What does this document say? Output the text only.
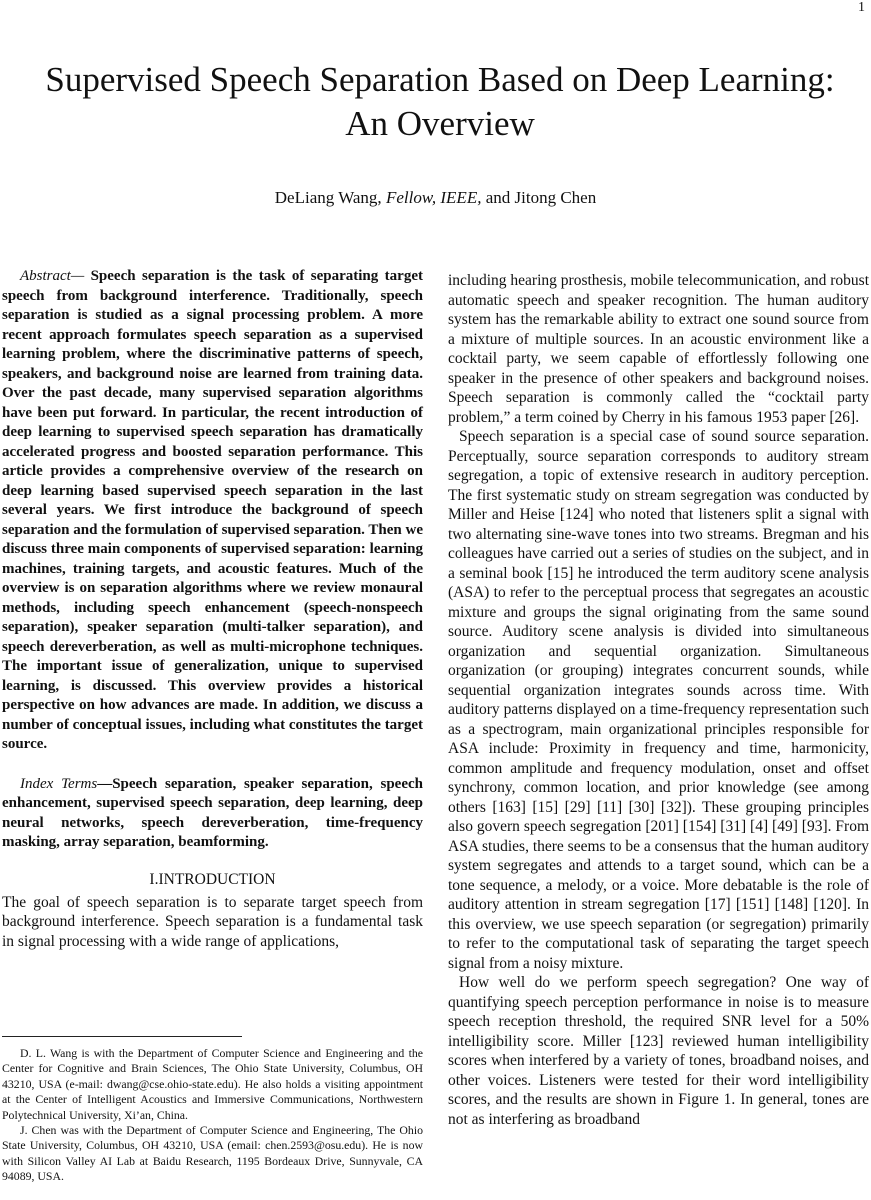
1
Supervised Speech Separation Based on Deep Learning: An Overview
DeLiang Wang, Fellow, IEEE, and Jitong Chen

Abstract— Speech separation is the task of separating target speech from background interference. Traditionally, speech separation is studied as a signal processing problem. A more recent approach formulates speech separation as a supervised learning problem, where the discriminative patterns of speech, speakers, and background noise are learned from training data. Over the past decade, many supervised separation algorithms have been put forward. In particular, the recent introduction of deep learning to supervised speech separation has dramatically accelerated progress and boosted separation performance. This article provides a comprehensive overview of the research on deep learning based supervised speech separation in the last several years. We first introduce the background of speech separation and the formulation of supervised separation. Then we discuss three main components of supervised separation: learning machines, training targets, and acoustic features. Much of the overview is on separation algorithms where we review monaural methods, including speech enhancement (speech-nonspeech separation), speaker separation (multi-talker separation), and speech dereverberation, as well as multi-microphone techniques. The important issue of generalization, unique to supervised learning, is discussed. This overview provides a historical perspective on how advances are made. In addition, we discuss a number of conceptual issues, including what constitutes the target source.

Index Terms—Speech separation, speaker separation, speech enhancement, supervised speech separation, deep learning, deep neural networks, speech dereverberation, time-frequency masking, array separation, beamforming.

I.INTRODUCTION

The goal of speech separation is to separate target speech from background interference. Speech separation is a fundamental task in signal processing with a wide range of applications,

including hearing prosthesis, mobile telecommunication, and robust automatic speech and speaker recognition. The human auditory system has the remarkable ability to extract one sound source from a mixture of multiple sources. In an acoustic environment like a cocktail party, we seem capable of effortlessly following one speaker in the presence of other speakers and background noises. Speech separation is commonly called the “cocktail party problem,” a term coined by Cherry in his famous 1953 paper [26].

Speech separation is a special case of sound source separation. Perceptually, source separation corresponds to auditory stream segregation, a topic of extensive research in auditory perception. The first systematic study on stream segregation was conducted by Miller and Heise [124] who noted that listeners split a signal with two alternating sine-wave tones into two streams. Bregman and his colleagues have carried out a series of studies on the subject, and in a seminal book [15] he introduced the term auditory scene analysis (ASA) to refer to the perceptual process that segregates an acoustic mixture and groups the signal originating from the same sound source. Auditory scene analysis is divided into simultaneous organization and sequential organization. Simultaneous organization (or grouping) integrates concurrent sounds, while sequential organization integrates sounds across time. With auditory patterns displayed on a time-frequency representation such as a spectrogram, main organizational principles responsible for ASA include: Proximity in frequency and time, harmonicity, common amplitude and frequency modulation, onset and offset synchrony, common location, and prior knowledge (see among others [163] [15] [29] [11] [30] [32]). These grouping principles also govern speech segregation [201] [154] [31] [4] [49] [93]. From ASA studies, there seems to be a consensus that the human auditory system segregates and attends to a target sound, which can be a tone sequence, a melody, or a voice. More debatable is the role of auditory attention in stream segregation [17] [151] [148] [120]. In this overview, we use speech separation (or segregation) primarily to refer to the computational task of separating the target speech signal from a noisy mixture.

How well do we perform speech segregation? One way of quantifying speech perception performance in noise is to measure speech reception threshold, the required SNR level for a 50% intelligibility score. Miller [123] reviewed human intelligibility scores when interfered by a variety of tones, broadband noises, and other voices. Listeners were tested for their word intelligibility scores, and the results are shown in Figure 1. In general, tones are not as interfering as broadband

D. L. Wang is with the Department of Computer Science and Engineering and the Center for Cognitive and Brain Sciences, The Ohio State University, Columbus, OH 43210, USA (e-mail: dwang@cse.ohio-state.edu). He also holds a visiting appointment at the Center of Intelligent Acoustics and Immersive Communications, Northwestern Polytechnical University, Xi’an, China.

J. Chen was with the Department of Computer Science and Engineering, The Ohio State University, Columbus, OH 43210, USA (email: chen.2593@osu.edu). He is now with Silicon Valley AI Lab at Baidu Research, 1195 Bordeaux Drive, Sunnyvale, CA 94089, USA.
